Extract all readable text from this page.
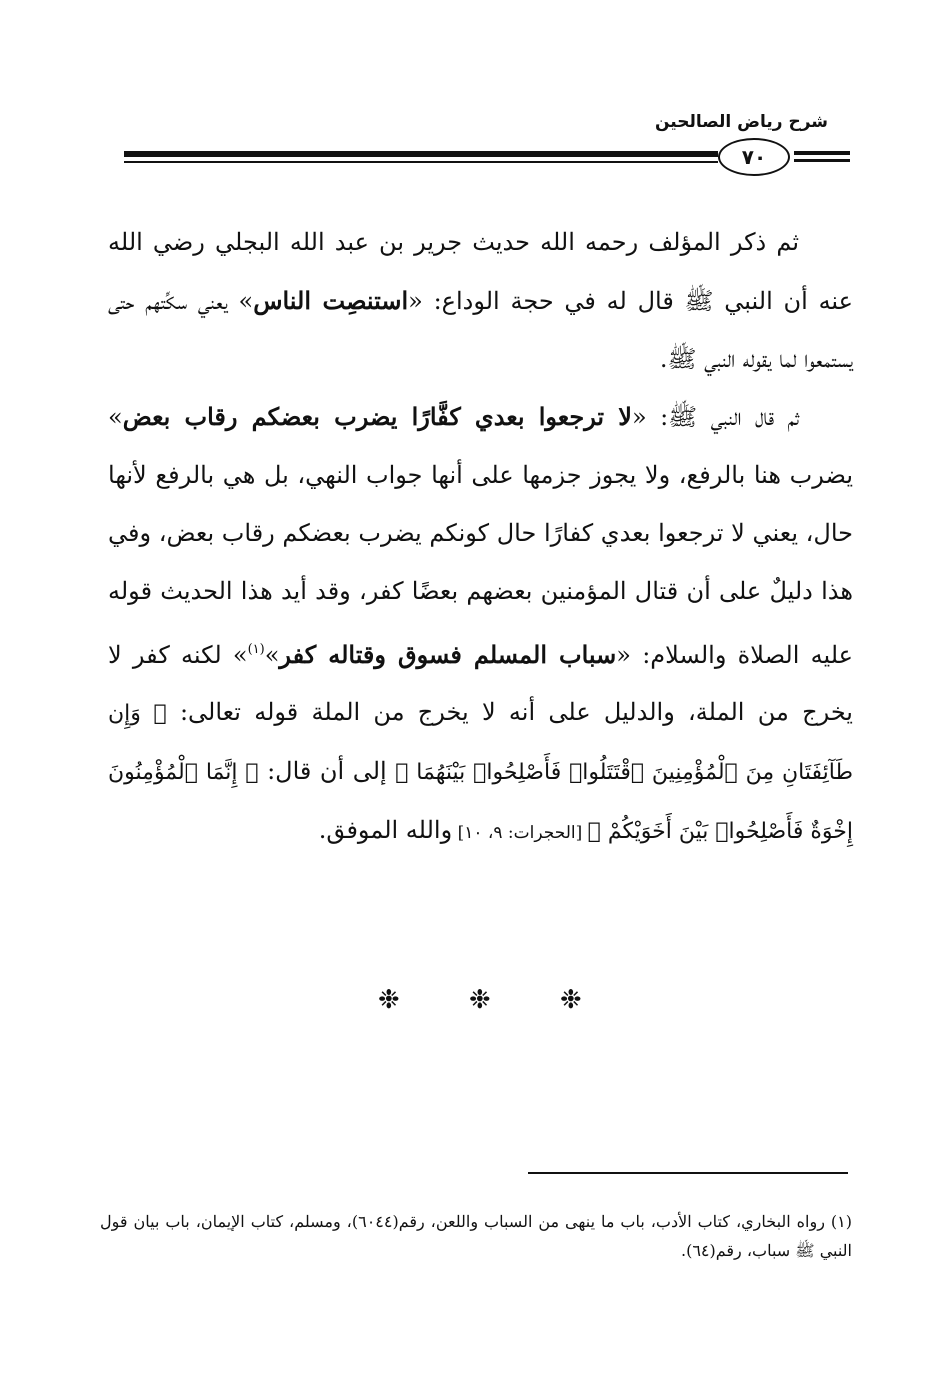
شرح رياض الصالحين
٧٠

ثم ذكر المؤلف رحمه الله حديث جرير بن عبد الله البجلي رضي الله عنه أن النبي ﷺ قال له في حجة الوداع: «استنصِت الناس» يعني سكِّتهم حتى يستمعوا لما يقوله النبي ﷺ.

ثم قال النبي ﷺ: «لا ترجعوا بعدي كفَّارًا يضرب بعضكم رقاب بعض» يضرب هنا بالرفع، ولا يجوز جزمها على أنها جواب النهي، بل هي بالرفع لأنها حال، يعني لا ترجعوا بعدي كفارًا حال كونكم يضرب بعضكم رقاب بعض، وفي هذا دليلٌ على أن قتال المؤمنين بعضهم بعضًا كفر، وقد أيد هذا الحديث قوله عليه الصلاة والسلام: «سباب المسلم فسوق وقتاله كفر»$^{(١)}$» لكنه كفر لا يخرج من الملة، والدليل على أنه لا يخرج من الملة قوله تعالى: ﴿ وَإِن طَآئِفَتَانِ مِنَ ٱلْمُؤْمِنِينَ ٱقْتَتَلُوا۟ فَأَصْلِحُوا۟ بَيْنَهُمَا ﴾ إلى أن قال: ﴿ إِنَّمَا ٱلْمُؤْمِنُونَ إِخْوَةٌ فَأَصْلِحُوا۟ بَيْنَ أَخَوَيْكُمْ ﴾ [الحجرات: ٩، ١٠] والله الموفق.

❉	❉	❉

(١) رواه البخاري، كتاب الأدب، باب ما ينهى من السباب واللعن، رقم(٦٠٤٤)، ومسلم، كتاب الإيمان، باب بيان قول النبي ﷺ سباب، رقم(٦٤).
